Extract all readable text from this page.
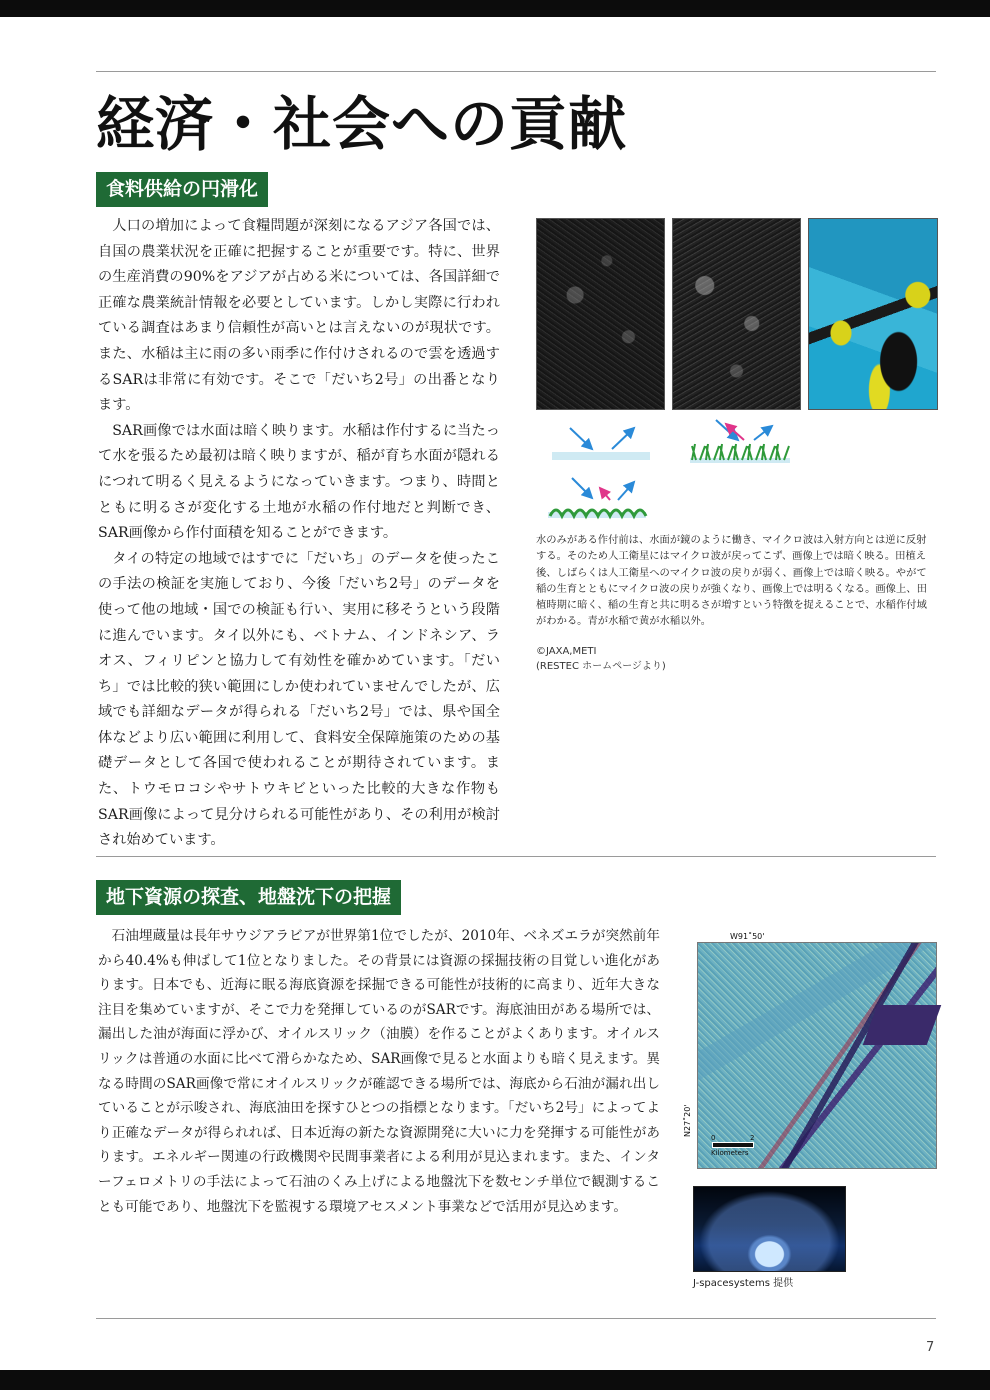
経済・社会への貢献
食料供給の円滑化

人口の増加によって食糧問題が深刻になるアジア各国では、自国の農業状況を正確に把握することが重要です。特に、世界の生産消費の90%をアジアが占める米については、各国詳細で正確な農業統計情報を必要としています。しかし実際に行われている調査はあまり信頼性が高いとは言えないのが現状です。また、水稲は主に雨の多い雨季に作付けされるので雲を透過するSARは非常に有効です。そこで「だいち2号」の出番となります。

SAR画像では水面は暗く映ります。水稲は作付するに当たって水を張るため最初は暗く映りますが、稲が育ち水面が隠れるにつれて明るく見えるようになっていきます。つまり、時間とともに明るさが変化する土地が水稲の作付地だと判断でき、SAR画像から作付面積を知ることができます。

タイの特定の地域ではすでに「だいち」のデータを使ったこの手法の検証を実施しており、今後「だいち2号」のデータを使って他の地域・国での検証も行い、実用に移そうという段階に進んでいます。タイ以外にも、ベトナム、インドネシア、ラオス、フィリピンと協力して有効性を確かめています。「だいち」では比較的狭い範囲にしか使われていませんでしたが、広域でも詳細なデータが得られる「だいち2号」では、県や国全体などより広い範囲に利用して、食料安全保障施策のための基礎データとして各国で使われることが期待されています。また、トウモロコシやサトウキビといった比較的大きな作物もSAR画像によって見分けられる可能性があり、その利用が検討され始めています。

水のみがある作付前は、水面が鏡のように働き、マイクロ波は入射方向とは逆に反射する。そのため人工衛星にはマイクロ波が戻ってこず、画像上では暗く映る。田植え後、しばらくは人工衛星へのマイクロ波の戻りが弱く、画像上では暗く映る。やがて稲の生育とともにマイクロ波の戻りが強くなり、画像上では明るくなる。画像上、田植時期に暗く、稲の生育と共に明るさが増すという特徴を捉えることで、水稲作付域がわかる。青が水稲で黄が水稲以外。

©JAXA,METI
(RESTEC ホームページより)
地下資源の探査、地盤沈下の把握

石油埋蔵量は長年サウジアラビアが世界第1位でしたが、2010年、ベネズエラが突然前年から40.4%も伸ばして1位となりました。その背景には資源の採掘技術の目覚しい進化があります。日本でも、近海に眠る海底資源を採掘できる可能性が技術的に高まり、近年大きな注目を集めていますが、そこで力を発揮しているのがSARです。海底油田がある場所では、漏出した油が海面に浮かび、オイルスリック（油膜）を作ることがよくあります。オイルスリックは普通の水面に比べて滑らかなため、SAR画像で見ると水面よりも暗く見えます。異なる時間のSAR画像で常にオイルスリックが確認できる場所では、海底から石油が漏れ出していることが示唆され、海底油田を探すひとつの指標となります。「だいち2号」によってより正確なデータが得られれば、日本近海の新たな資源開発に大いに力を発揮する可能性があります。エネルギー関連の行政機関や民間事業者による利用が見込まれます。また、インターフェロメトリの手法によって石油のくみ上げによる地盤沈下を数センチ単位で観測することも可能であり、地盤沈下を監視する環境アセスメント事業などで活用が見込めます。

W91˚50'
N27˚20'
0	2
Kilometers

J-spacesystems 提供

7
